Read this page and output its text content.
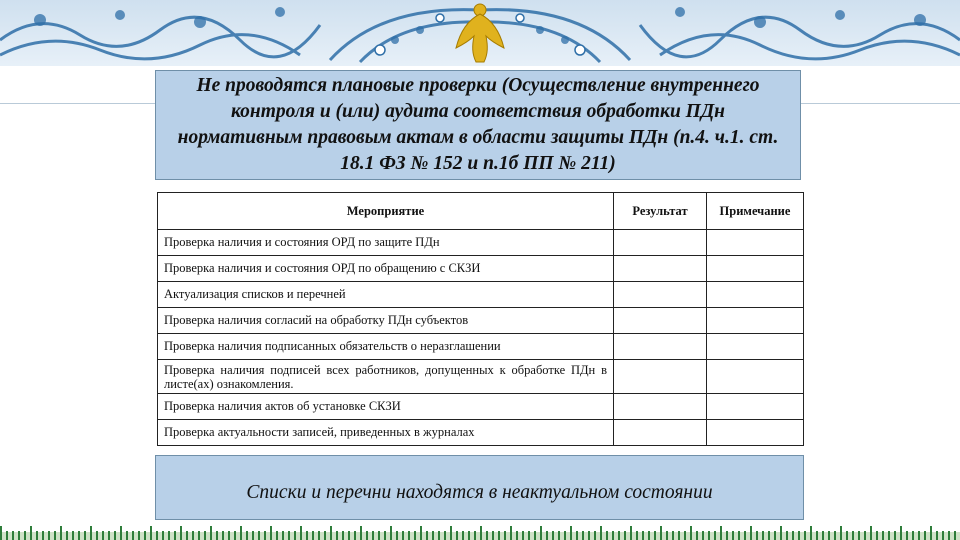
Не проводятся плановые проверки (Осуществление внутреннего контроля и (или) аудита соответствия обработки ПДн нормативным правовым актам в области защиты ПДн (п.4. ч.1. ст. 18.1 ФЗ № 152 и п.1б ПП № 211)
Мероприятие	Результат	Примечание
Проверка наличия и состояния ОРД по защите ПДн		
Проверка наличия и состояния ОРД по обращению с СКЗИ		
Актуализация списков и перечней		
Проверка наличия согласий на обработку ПДн субъектов		
Проверка наличия подписанных обязательств о неразглашении		
Проверка наличия подписей всех работников, допущенных к обработке ПДн в листе(ах) ознакомления.		
Проверка наличия актов об установке СКЗИ		
Проверка актуальности записей, приведенных в журналах		
Списки и перечни находятся в неактуальном состоянии
